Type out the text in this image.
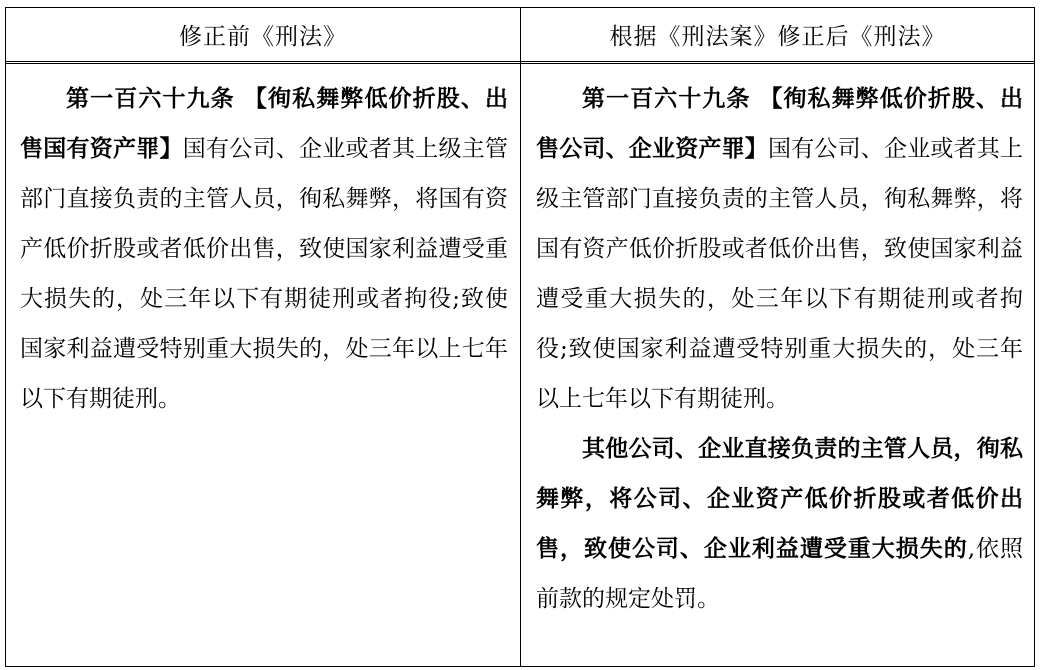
修正前《刑法》	根据《刑法案》修正后《刑法》

第一百六十九条 【徇私舞弊低价折股、出售国有资产罪】国有公司、企业或者其上级主管部门直接负责的主管人员，徇私舞弊，将国有资产低价折股或者低价出售，致使国家利益遭受重大损失的，处三年以下有期徒刑或者拘役;致使国家利益遭受特别重大损失的，处三年以上七年以下有期徒刑。

第一百六十九条 【徇私舞弊低价折股、出售公司、企业资产罪】国有公司、企业或者其上级主管部门直接负责的主管人员，徇私舞弊，将国有资产低价折股或者低价出售，致使国家利益遭受重大损失的，处三年以下有期徒刑或者拘役;致使国家利益遭受特别重大损失的，处三年以上七年以下有期徒刑。

其他公司、企业直接负责的主管人员，徇私舞弊，将公司、企业资产低价折股或者低价出售，致使公司、企业利益遭受重大损失的,依照前款的规定处罚。
